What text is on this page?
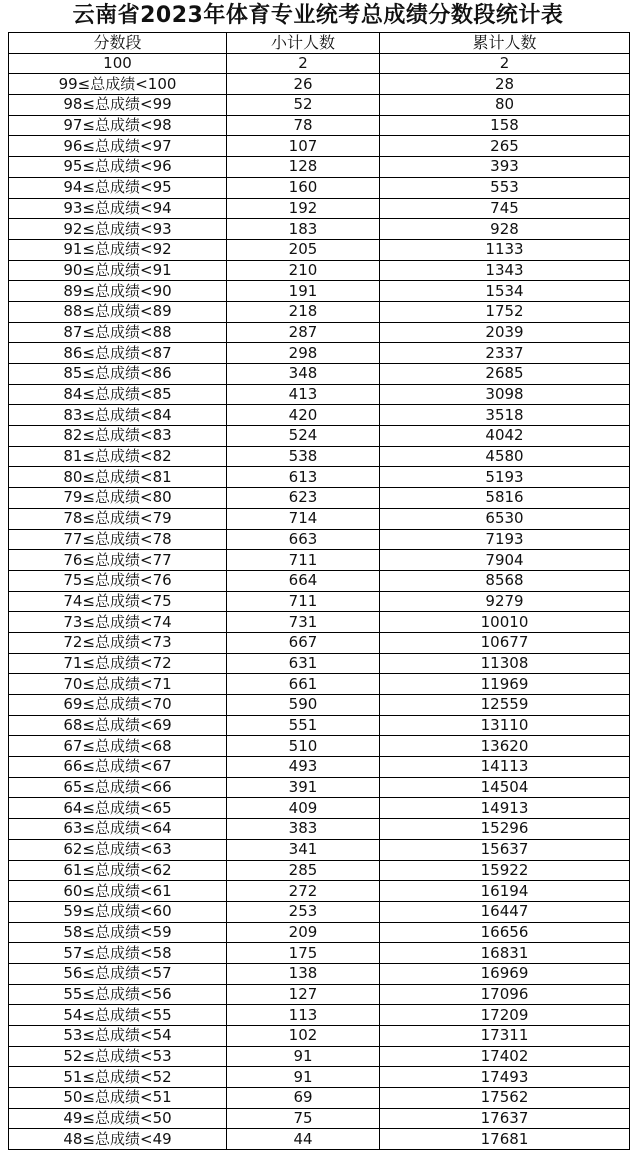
云南省2023年体育专业统考总成绩分数段统计表
分数段	小计人数	累计人数
100	2	2
99≤总成绩<100	26	28
98≤总成绩<99	52	80
97≤总成绩<98	78	158
96≤总成绩<97	107	265
95≤总成绩<96	128	393
94≤总成绩<95	160	553
93≤总成绩<94	192	745
92≤总成绩<93	183	928
91≤总成绩<92	205	1133
90≤总成绩<91	210	1343
89≤总成绩<90	191	1534
88≤总成绩<89	218	1752
87≤总成绩<88	287	2039
86≤总成绩<87	298	2337
85≤总成绩<86	348	2685
84≤总成绩<85	413	3098
83≤总成绩<84	420	3518
82≤总成绩<83	524	4042
81≤总成绩<82	538	4580
80≤总成绩<81	613	5193
79≤总成绩<80	623	5816
78≤总成绩<79	714	6530
77≤总成绩<78	663	7193
76≤总成绩<77	711	7904
75≤总成绩<76	664	8568
74≤总成绩<75	711	9279
73≤总成绩<74	731	10010
72≤总成绩<73	667	10677
71≤总成绩<72	631	11308
70≤总成绩<71	661	11969
69≤总成绩<70	590	12559
68≤总成绩<69	551	13110
67≤总成绩<68	510	13620
66≤总成绩<67	493	14113
65≤总成绩<66	391	14504
64≤总成绩<65	409	14913
63≤总成绩<64	383	15296
62≤总成绩<63	341	15637
61≤总成绩<62	285	15922
60≤总成绩<61	272	16194
59≤总成绩<60	253	16447
58≤总成绩<59	209	16656
57≤总成绩<58	175	16831
56≤总成绩<57	138	16969
55≤总成绩<56	127	17096
54≤总成绩<55	113	17209
53≤总成绩<54	102	17311
52≤总成绩<53	91	17402
51≤总成绩<52	91	17493
50≤总成绩<51	69	17562
49≤总成绩<50	75	17637
48≤总成绩<49	44	17681
